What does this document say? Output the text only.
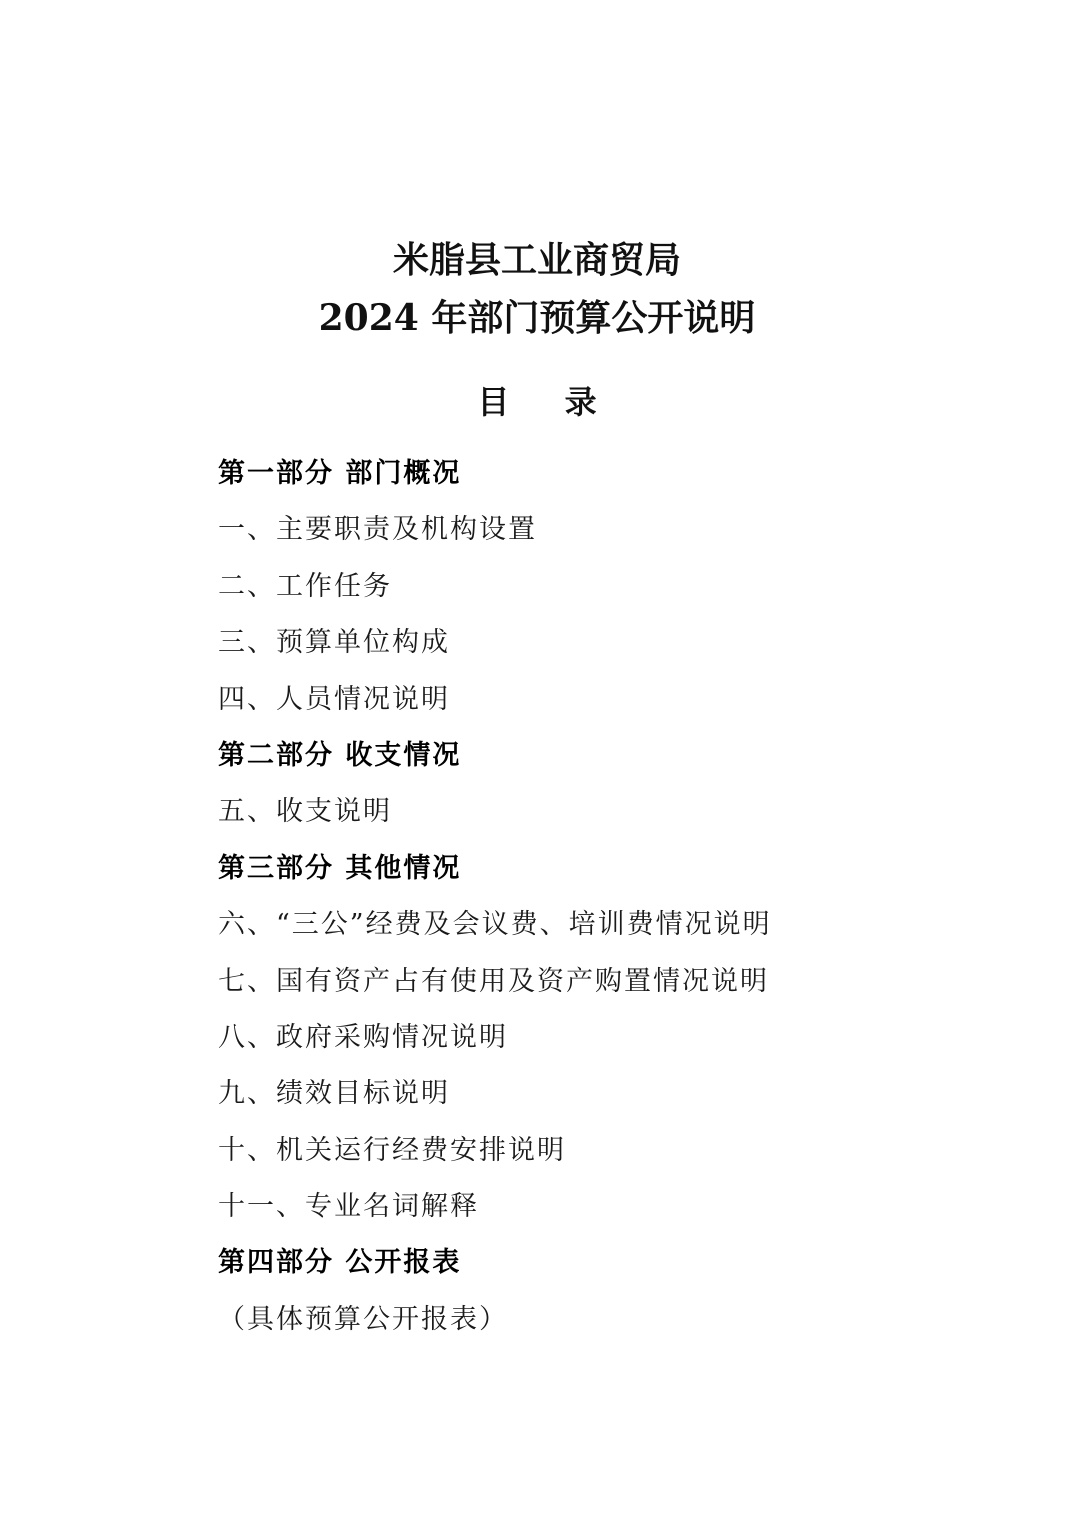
米脂县工业商贸局
2024 年部门预算公开说明
目 录
第一部分 部门概况
一、主要职责及机构设置
二、工作任务
三、预算单位构成
四、人员情况说明
第二部分 收支情况
五、收支说明
第三部分 其他情况
六、“三公”经费及会议费、培训费情况说明
七、国有资产占有使用及资产购置情况说明
八、政府采购情况说明
九、绩效目标说明
十、机关运行经费安排说明
十一、专业名词解释
第四部分 公开报表
（具体预算公开报表）
